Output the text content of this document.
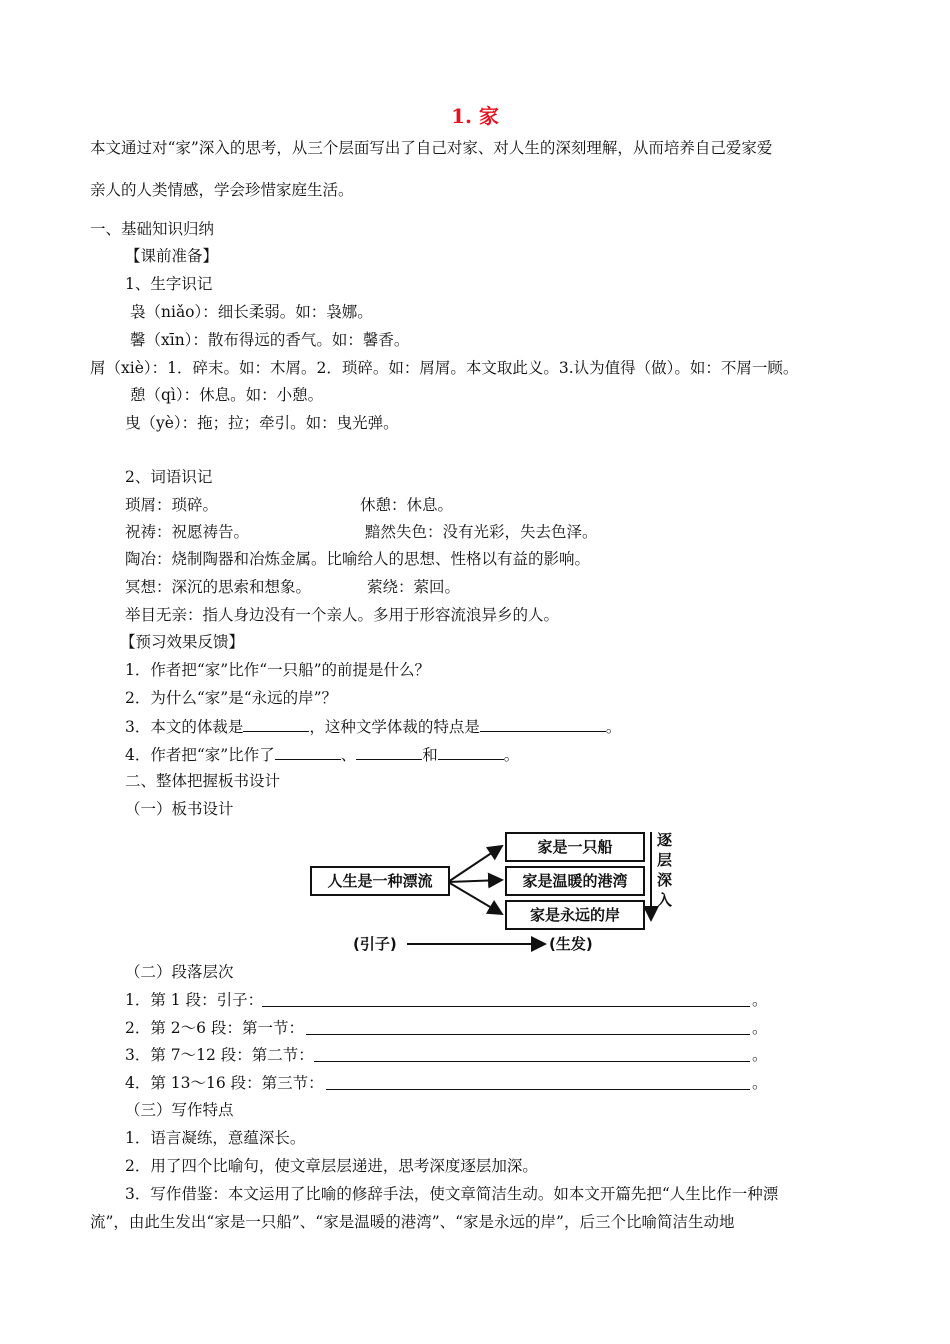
1. 家
本文通过对“家”深入的思考，从三个层面写出了自己对家、对人生的深刻理解，从而培养自己爱家爱
亲人的人类情感，学会珍惜家庭生活。
一、基础知识归纳
【课前准备】
1、生字识记
袅（niǎo）：细长柔弱。如：袅娜。
馨（xīn）：散布得远的香气。如：馨香。
屑（xiè）：1．碎末。如：木屑。2．琐碎。如：屑屑。本文取此义。3.认为值得（做）。如：不屑一顾。
憩（qì）：休息。如：小憩。
曳（yè）：拖；拉；牵引。如：曳光弹。
2、词语识记
琐屑：琐碎。	休憩：休息。
祝祷：祝愿祷告。	黯然失色：没有光彩，失去色泽。
陶冶：烧制陶器和冶炼金属。比喻给人的思想、性格以有益的影响。
冥想：深沉的思索和想象。	萦绕：萦回。
举目无亲：指人身边没有一个亲人。多用于形容流浪异乡的人。
【预习效果反馈】
1．作者把“家”比作“一只船”的前提是什么？
2．为什么“家”是“永远的岸”？
3．本文的体裁是	，这种文学体裁的特点是	。
4．作者把“家”比作了	、	和	。
二、整体把握板书设计
（一）板书设计
人生是一种漂流
家是一只船
家是温暖的港湾
家是永远的岸
逐
层
深
入
(引子)	(生发)
（二）段落层次
1．第 1 段：引子：	。
2．第 2～6 段：第一节：	。
3．第 7～12 段：第二节：	。
4．第 13～16 段：第三节：	。
（三）写作特点
1．语言凝练，意蕴深长。
2．用了四个比喻句，使文章层层递进，思考深度逐层加深。
3．写作借鉴：本文运用了比喻的修辞手法，使文章简洁生动。如本文开篇先把“人生比作一种漂
流”，由此生发出“家是一只船”、“家是温暖的港湾”、“家是永远的岸”，后三个比喻简洁生动地
